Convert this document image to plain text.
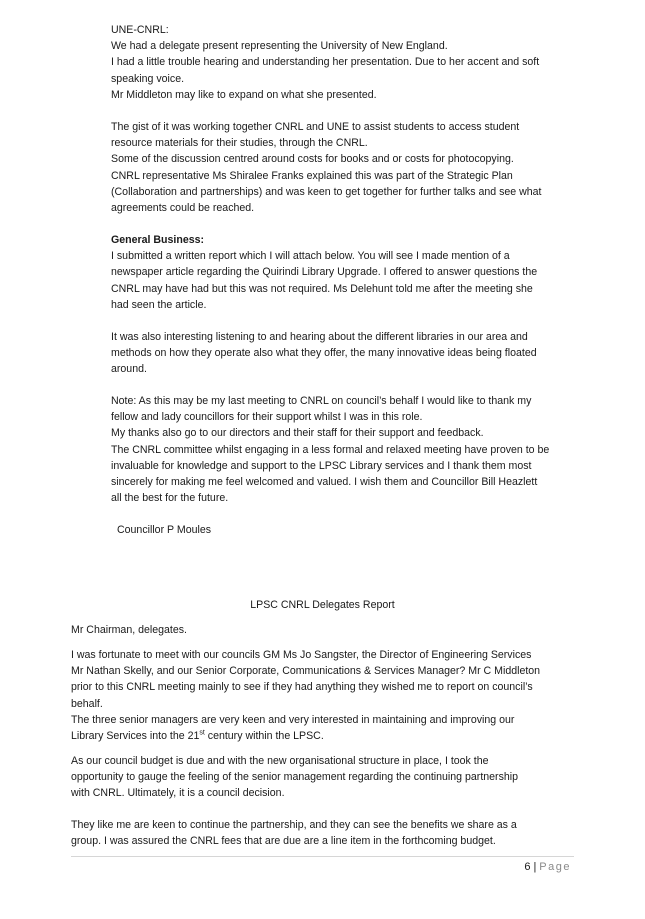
UNE-CNRL:
We had a delegate present representing the University of New England.
I had a little trouble hearing and understanding her presentation. Due to her accent and soft
speaking voice.
Mr Middleton may like to expand on what she presented.
The gist of it was working together CNRL and UNE to assist students to access student
resource materials for their studies, through the CNRL.
Some of the discussion centred around costs for books and or costs for photocopying.
CNRL representative Ms Shiralee Franks explained this was part of the Strategic Plan
(Collaboration and partnerships) and was keen to get together for further talks and see what
agreements could be reached.
General Business:
I submitted a written report which I will attach below. You will see I made mention of a
newspaper article regarding the Quirindi Library Upgrade. I offered to answer questions the
CNRL may have had but this was not required. Ms Delehunt told me after the meeting she
had seen the article.
It was also interesting listening to and hearing about the different libraries in our area and
methods on how they operate also what they offer, the many innovative ideas being floated
around.
Note: As this may be my last meeting to CNRL on council’s behalf I would like to thank my
fellow and lady councillors for their support whilst I was in this role.
My thanks also go to our directors and their staff for their support and feedback.
The CNRL committee whilst engaging in a less formal and relaxed meeting have proven to be
invaluable for knowledge and support to the LPSC Library services and I thank them most
sincerely for making me feel welcomed and valued. I wish them and Councillor Bill Heazlett
all the best for the future.
Councillor P Moules
LPSC CNRL Delegates Report
Mr Chairman, delegates.
I was fortunate to meet with our councils GM Ms Jo Sangster, the Director of Engineering Services
Mr Nathan Skelly, and our Senior Corporate, Communications & Services Manager? Mr C Middleton
prior to this CNRL meeting mainly to see if they had anything they wished me to report on council’s
behalf.
The three senior managers are very keen and very interested in maintaining and improving our
Library Services into the 21st century within the LPSC.
As our council budget is due and with the new organisational structure in place, I took the
opportunity to gauge the feeling of the senior management regarding the continuing partnership
with CNRL. Ultimately, it is a council decision.
They like me are keen to continue the partnership, and they can see the benefits we share as a
group. I was assured the CNRL fees that are due are a line item in the forthcoming budget.
6 | Page
